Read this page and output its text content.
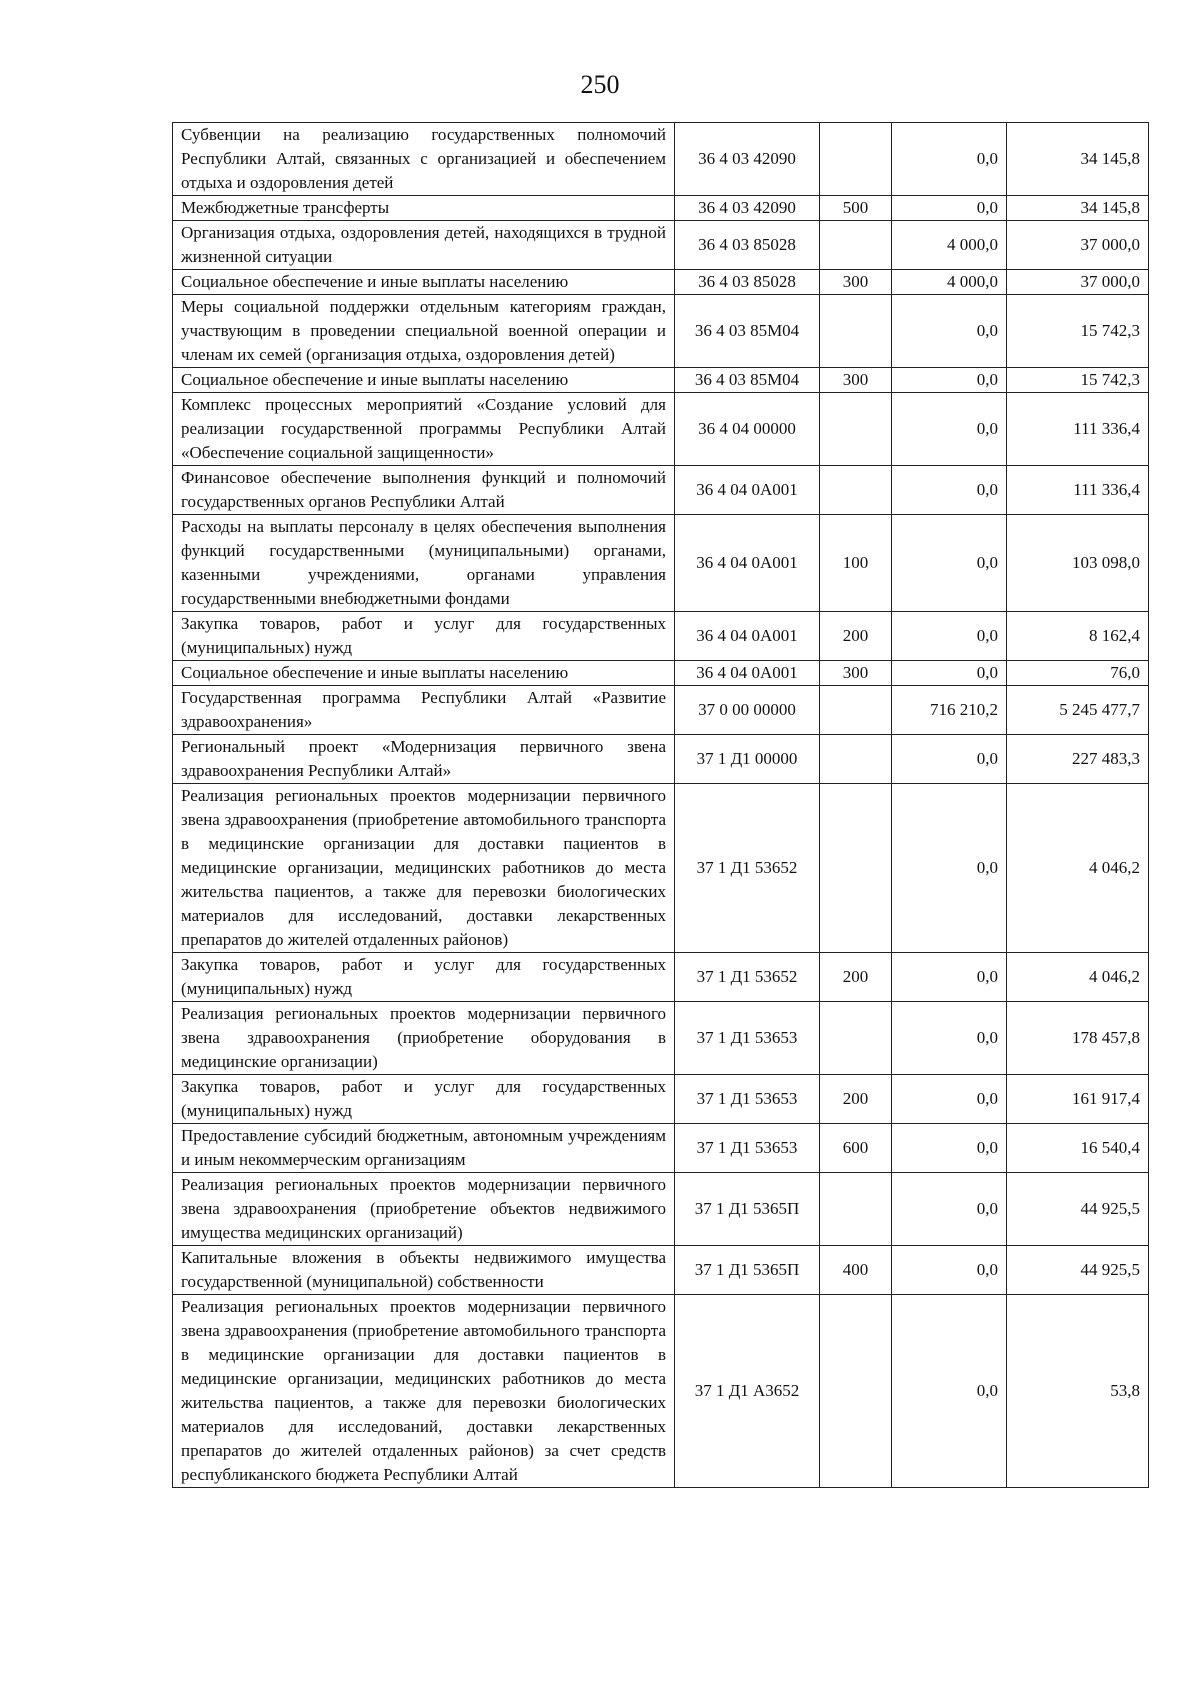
250
Субвенции на реализацию государственных полномочий Республики Алтай, связанных с организацией и обеспечением отдыха и оздоровления детей	36 4 03 42090		0,0	34 145,8
Межбюджетные трансферты	36 4 03 42090	500	0,0	34 145,8
Организация отдыха, оздоровления детей, находящихся в трудной жизненной ситуации	36 4 03 85028		4 000,0	37 000,0
Социальное обеспечение и иные выплаты населению	36 4 03 85028	300	4 000,0	37 000,0
Меры социальной поддержки отдельным категориям граждан, участвующим в проведении специальной военной операции и членам их семей (организация отдыха, оздоровления детей)	36 4 03 85М04		0,0	15 742,3
Социальное обеспечение и иные выплаты населению	36 4 03 85М04	300	0,0	15 742,3
Комплекс процессных мероприятий «Создание условий для реализации государственной программы Республики Алтай «Обеспечение социальной защищенности»	36 4 04 00000		0,0	111 336,4
Финансовое обеспечение выполнения функций и полномочий государственных органов Республики Алтай	36 4 04 0А001		0,0	111 336,4
Расходы на выплаты персоналу в целях обеспечения выполнения функций государственными (муниципальными) органами, казенными учреждениями, органами управления государственными внебюджетными фондами	36 4 04 0А001	100	0,0	103 098,0
Закупка товаров, работ и услуг для государственных (муниципальных) нужд	36 4 04 0А001	200	0,0	8 162,4
Социальное обеспечение и иные выплаты населению	36 4 04 0А001	300	0,0	76,0
Государственная программа Республики Алтай «Развитие здравоохранения»	37 0 00 00000		716 210,2	5 245 477,7
Региональный проект «Модернизация первичного звена здравоохранения Республики Алтай»	37 1 Д1 00000		0,0	227 483,3
Реализация региональных проектов модернизации первичного звена здравоохранения (приобретение автомобильного транспорта в медицинские организации для доставки пациентов в медицинские организации, медицинских работников до места жительства пациентов, а также для перевозки биологических материалов для исследований, доставки лекарственных препаратов до жителей отдаленных районов)	37 1 Д1 53652		0,0	4 046,2
Закупка товаров, работ и услуг для государственных (муниципальных) нужд	37 1 Д1 53652	200	0,0	4 046,2
Реализация региональных проектов модернизации первичного звена здравоохранения (приобретение оборудования в медицинские организации)	37 1 Д1 53653		0,0	178 457,8
Закупка товаров, работ и услуг для государственных (муниципальных) нужд	37 1 Д1 53653	200	0,0	161 917,4
Предоставление субсидий бюджетным, автономным учреждениям и иным некоммерческим организациям	37 1 Д1 53653	600	0,0	16 540,4
Реализация региональных проектов модернизации первичного звена здравоохранения (приобретение объектов недвижимого имущества медицинских организаций)	37 1 Д1 5365П		0,0	44 925,5
Капитальные вложения в объекты недвижимого имущества государственной (муниципальной) собственности	37 1 Д1 5365П	400	0,0	44 925,5
Реализация региональных проектов модернизации первичного звена здравоохранения (приобретение автомобильного транспорта в медицинские организации для доставки пациентов в медицинские организации, медицинских работников до места жительства пациентов, а также для перевозки биологических материалов для исследований, доставки лекарственных препаратов до жителей отдаленных районов) за счет средств республиканского бюджета Республики Алтай	37 1 Д1 А3652		0,0	53,8
